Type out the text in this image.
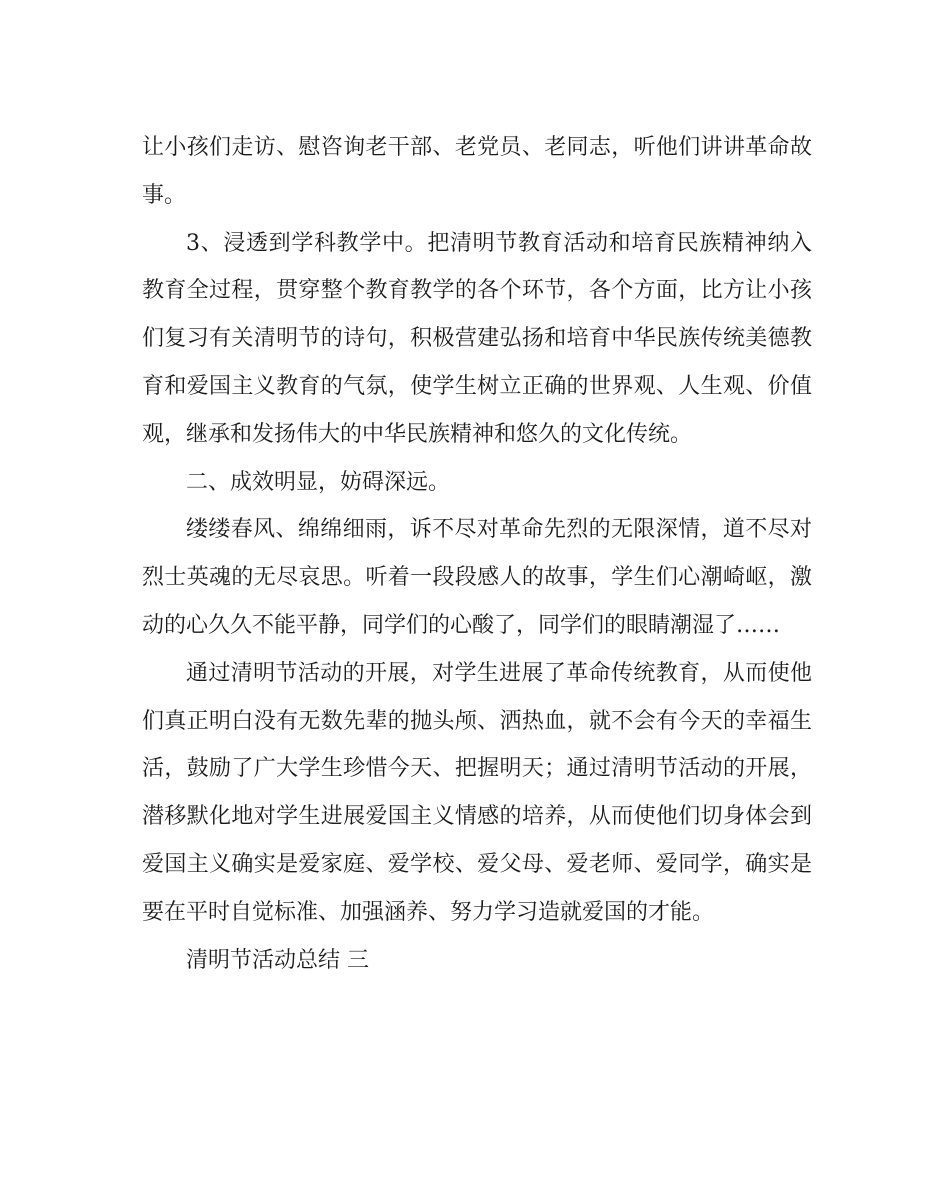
让小孩们走访、慰咨询老干部、老党员、老同志，听他们讲讲革命故事。

3、浸透到学科教学中。把清明节教育活动和培育民族精神纳入教育全过程，贯穿整个教育教学的各个环节，各个方面，比方让小孩们复习有关清明节的诗句，积极营建弘扬和培育中华民族传统美德教育和爱国主义教育的气氛，使学生树立正确的世界观、人生观、价值观，继承和发扬伟大的中华民族精神和悠久的文化传统。

二、成效明显，妨碍深远。

缕缕春风、绵绵细雨，诉不尽对革命先烈的无限深情，道不尽对烈士英魂的无尽哀思。听着一段段感人的故事，学生们心潮崎岖，激动的心久久不能平静，同学们的心酸了，同学们的眼睛潮湿了……

通过清明节活动的开展，对学生进展了革命传统教育，从而使他们真正明白没有无数先辈的抛头颅、洒热血，就不会有今天的幸福生活，鼓励了广大学生珍惜今天、把握明天；通过清明节活动的开展，潜移默化地对学生进展爱国主义情感的培养，从而使他们切身体会到爱国主义确实是爱家庭、爱学校、爱父母、爱老师、爱同学，确实是要在平时自觉标准、加强涵养、努力学习造就爱国的才能。

清明节活动总结 三
